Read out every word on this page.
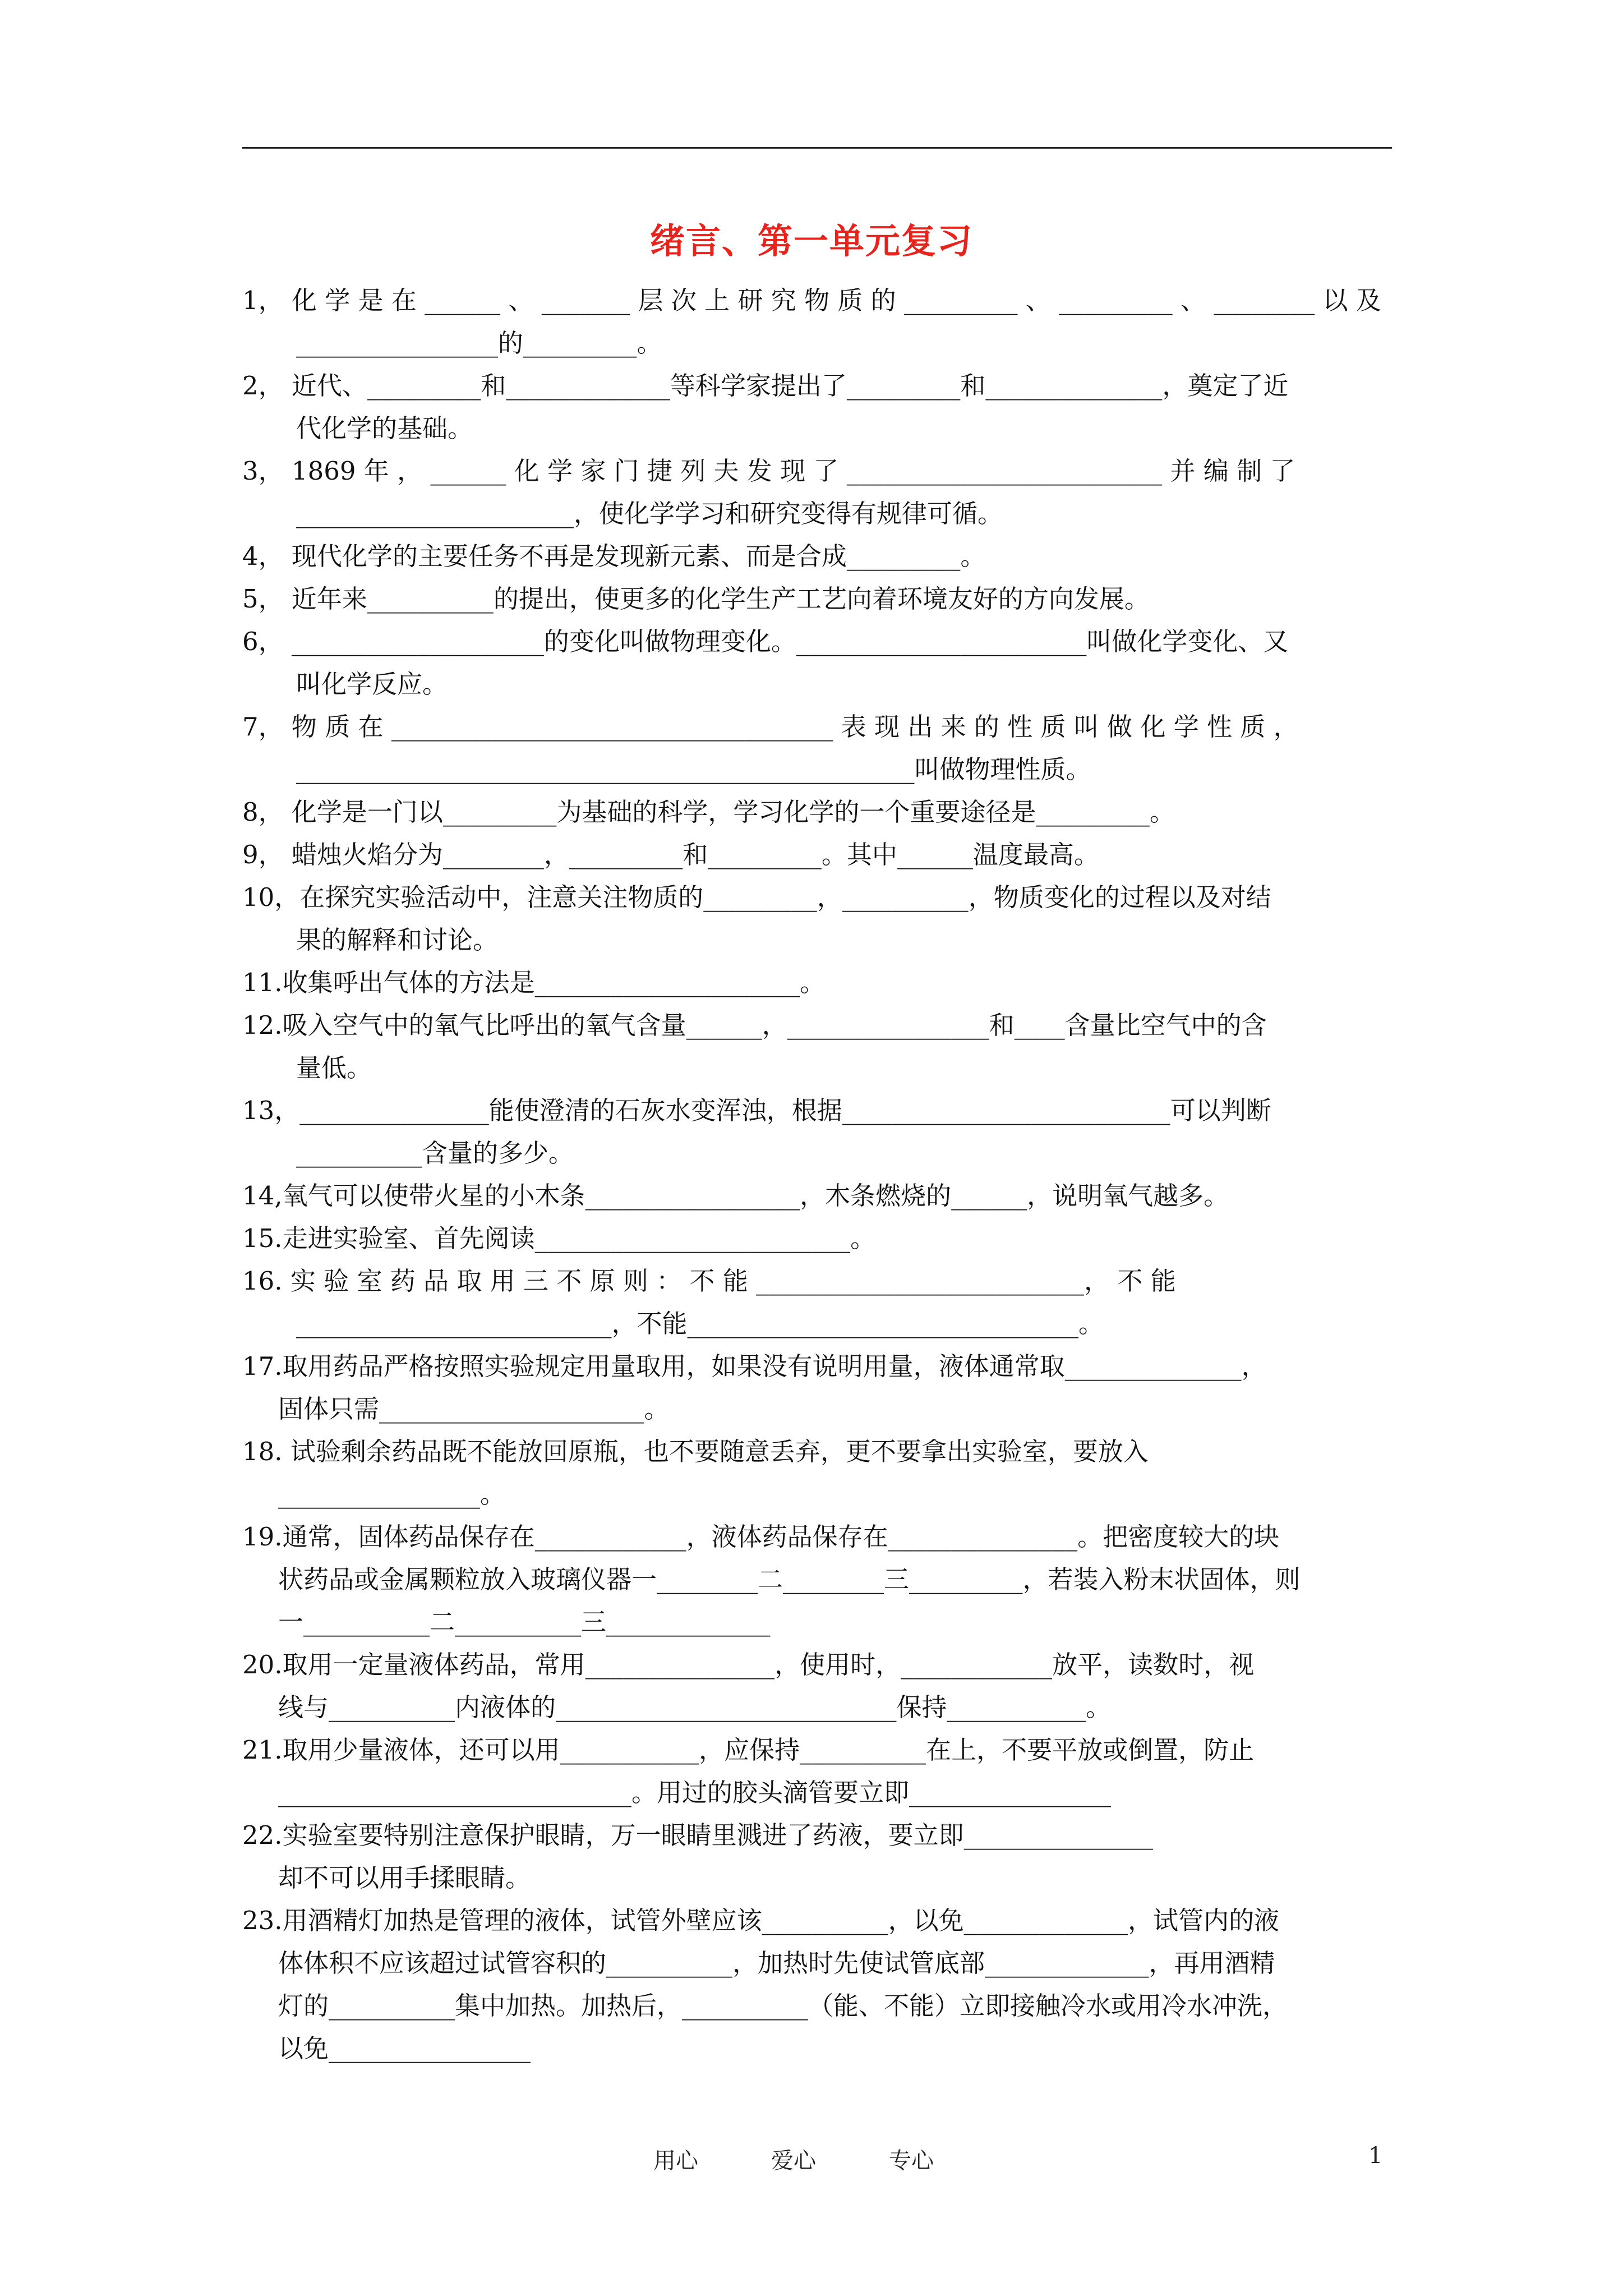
绪言、第一单元复习
1， 化 学 是 在 ______ 、 _______ 层 次 上 研 究 物 质 的 _________ 、 _________ 、 ________ 以 及
________________的_________。
2， 近代、_________和_____________等科学家提出了_________和______________，奠定了近
代化学的基础。
3， 1869 年 ， ______ 化 学 家 门 捷 列 夫 发 现 了 _________________________ 并 编 制 了
______________________，使化学学习和研究变得有规律可循。
4， 现代化学的主要任务不再是发现新元素、而是合成_________。
5， 近年来__________的提出，使更多的化学生产工艺向着环境友好的方向发展。
6， ____________________的变化叫做物理变化。_______________________叫做化学变化、又
叫化学反应。
7， 物 质 在 ___________________________________ 表 现 出 来 的 性 质 叫 做 化 学 性 质 ，
_________________________________________________叫做物理性质。
8， 化学是一门以_________为基础的科学，学习化学的一个重要途径是_________。
9， 蜡烛火焰分为________，_________和_________。其中______温度最高。
10，在探究实验活动中，注意关注物质的_________，__________，物质变化的过程以及对结
果的解释和讨论。
11.收集呼出气体的方法是_____________________。
12.吸入空气中的氧气比呼出的氧气含量______，________________和____含量比空气中的含
量低。
13，_______________能使澄清的石灰水变浑浊，根据__________________________可以判断
__________含量的多少。
14,氧气可以使带火星的小木条_________________，木条燃烧的______，说明氧气越多。
15.走进实验室、首先阅读_________________________。
16. 实 验 室 药 品 取 用 三 不 原 则 ： 不 能 __________________________， 不 能
_________________________，不能_______________________________。
17.取用药品严格按照实验规定用量取用，如果没有说明用量，液体通常取______________，
固体只需_____________________。
18. 试验剩余药品既不能放回原瓶，也不要随意丢弃，更不要拿出实验室，要放入
________________。
19.通常，固体药品保存在____________，液体药品保存在_______________。把密度较大的块
状药品或金属颗粒放入玻璃仪器一________二________三_________，若装入粉末状固体，则
一__________二__________三_____________
20.取用一定量液体药品，常用_______________，使用时，____________放平，读数时，视
线与__________内液体的___________________________保持___________。
21.取用少量液体，还可以用___________，应保持__________在上，不要平放或倒置，防止
____________________________。用过的胶头滴管要立即________________
22.实验室要特别注意保护眼睛，万一眼睛里溅进了药液，要立即_______________
却不可以用手揉眼睛。
23.用酒精灯加热是管理的液体，试管外壁应该__________，以免_____________，试管内的液
体体积不应该超过试管容积的__________，加热时先使试管底部_____________，再用酒精
灯的__________集中加热。加热后，__________（能、不能）立即接触冷水或用冷水冲洗，
以免________________
用心	爱心	专心	1
